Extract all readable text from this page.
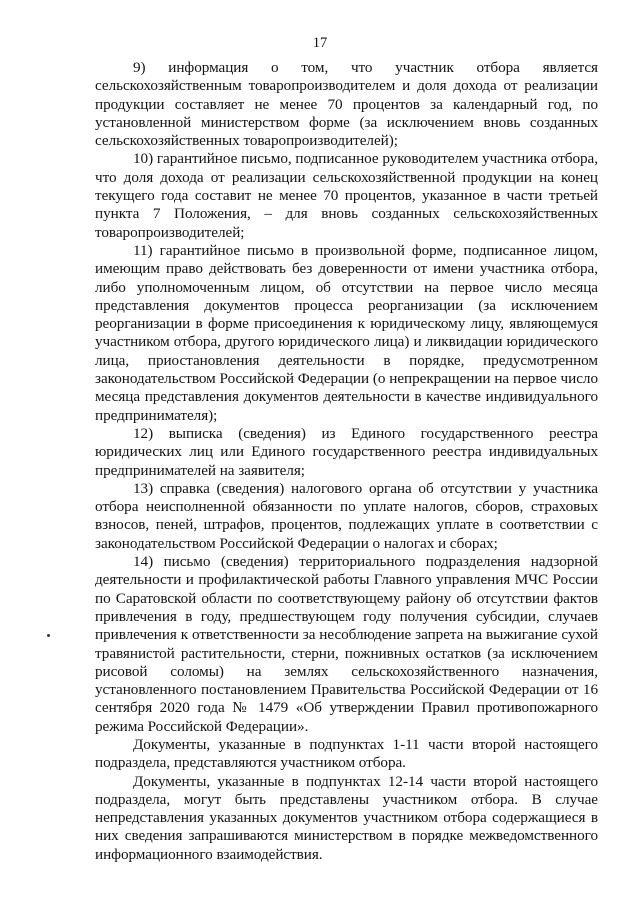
17

9) информация о том, что участник отбора является сельскохозяйственным товаропроизводителем и доля дохода от реализации продукции составляет не менее 70 процентов за календарный год, по установленной министерством форме (за исключением вновь созданных сельскохозяйственных товаропроизводителей);

10) гарантийное письмо, подписанное руководителем участника отбора, что доля дохода от реализации сельскохозяйственной продукции на конец текущего года составит не менее 70 процентов, указанное в части третьей пункта 7 Положения, – для вновь созданных сельскохозяйственных товаропроизводителей;

11) гарантийное письмо в произвольной форме, подписанное лицом, имеющим право действовать без доверенности от имени участника отбора, либо уполномоченным лицом, об отсутствии на первое число месяца представления документов процесса реорганизации (за исключением реорганизации в форме присоединения к юридическому лицу, являющемуся участником отбора, другого юридического лица) и ликвидации юридического лица, приостановления деятельности в порядке, предусмотренном законодательством Российской Федерации (о непрекращении на первое число месяца представления документов деятельности в качестве индивидуального предпринимателя);

12) выписка (сведения) из Единого государственного реестра юридических лиц или Единого государственного реестра индивидуальных предпринимателей на заявителя;

13) справка (сведения) налогового органа об отсутствии у участника отбора неисполненной обязанности по уплате налогов, сборов, страховых взносов, пеней, штрафов, процентов, подлежащих уплате в соответствии с законодательством Российской Федерации о налогах и сборах;

14) письмо (сведения) территориального подразделения надзорной деятельности и профилактической работы Главного управления МЧС России по Саратовской области по соответствующему району об отсутствии фактов привлечения в году, предшествующем году получения субсидии, случаев привлечения к ответственности за несоблюдение запрета на выжигание сухой травянистой растительности, стерни, пожнивных остатков (за исключением рисовой соломы) на землях сельскохозяйственного назначения, установленного постановлением Правительства Российской Федерации от 16 сентября 2020 года № 1479 «Об утверждении Правил противопожарного режима Российской Федерации».

Документы, указанные в подпунктах 1-11 части второй настоящего подраздела, представляются участником отбора.

Документы, указанные в подпунктах 12-14 части второй настоящего подраздела, могут быть представлены участником отбора. В случае непредставления указанных документов участником отбора содержащиеся в них сведения запрашиваются министерством в порядке межведомственного информационного взаимодействия.
